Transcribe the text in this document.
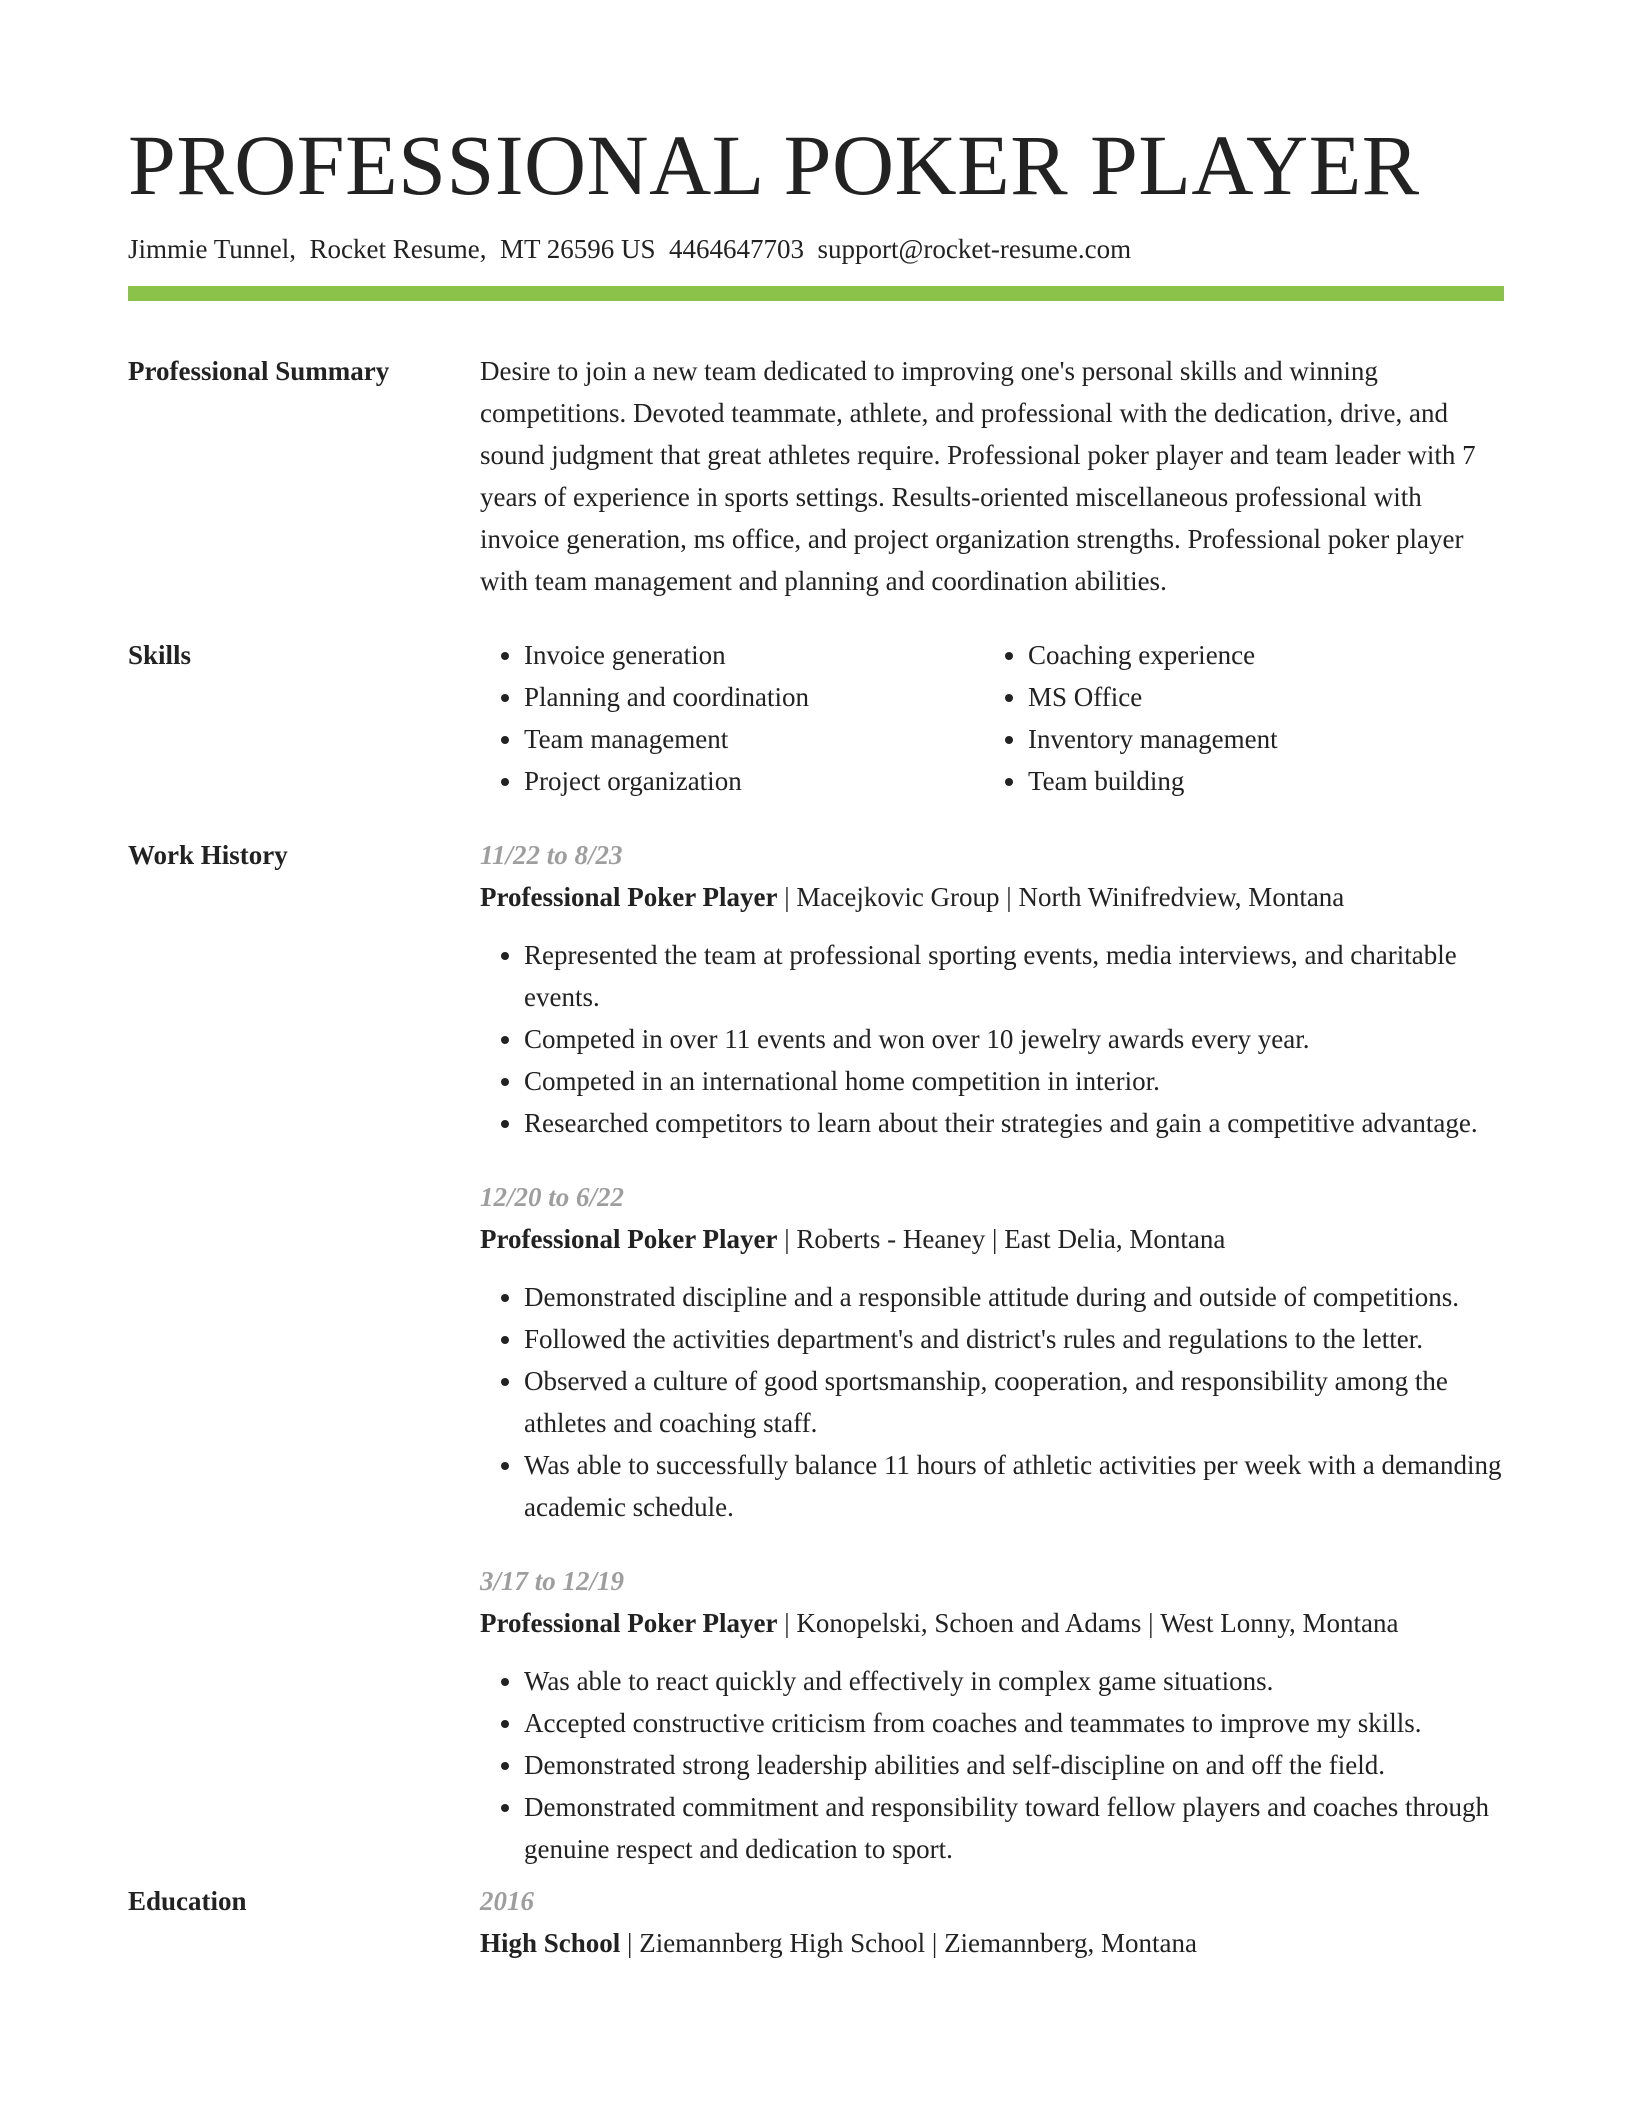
PROFESSIONAL POKER PLAYER
Jimmie Tunnel, Rocket Resume, MT 26596 US 4464647703 support@rocket-resume.com
Professional Summary	Desire to join a new team dedicated to improving one's personal skills and winning competitions. Devoted teammate, athlete, and professional with the dedication, drive, and sound judgment that great athletes require. Professional poker player and team leader with 7 years of experience in sports settings. Results-oriented miscellaneous professional with invoice generation, ms office, and project organization strengths. Professional poker player with team management and planning and coordination abilities.

Skills
•	Invoice generation
• Planning and coordination
• Team management
• Project organization
• Coaching experience
• MS Office
• Inventory management
• Team building
Work History	11/22 to 8/23
Professional Poker Player | Macejkovic Group | North Winifredview, Montana
• Represented the team at professional sporting events, media interviews, and charitable events.
• Competed in over 11 events and won over 10 jewelry awards every year.
• Competed in an international home competition in interior.
• Researched competitors to learn about their strategies and gain a competitive advantage.
12/20 to 6/22
Professional Poker Player | Roberts - Heaney | East Delia, Montana
• Demonstrated discipline and a responsible attitude during and outside of competitions.
• Followed the activities department's and district's rules and regulations to the letter.
• Observed a culture of good sportsmanship, cooperation, and responsibility among the athletes and coaching staff.
• Was able to successfully balance 11 hours of athletic activities per week with a demanding academic schedule.
3/17 to 12/19
Professional Poker Player | Konopelski, Schoen and Adams | West Lonny, Montana
• Was able to react quickly and effectively in complex game situations.
• Accepted constructive criticism from coaches and teammates to improve my skills.
• Demonstrated strong leadership abilities and self-discipline on and off the field.
• Demonstrated commitment and responsibility toward fellow players and coaches through genuine respect and dedication to sport.
Education	2016
High School | Ziemannberg High School | Ziemannberg, Montana
